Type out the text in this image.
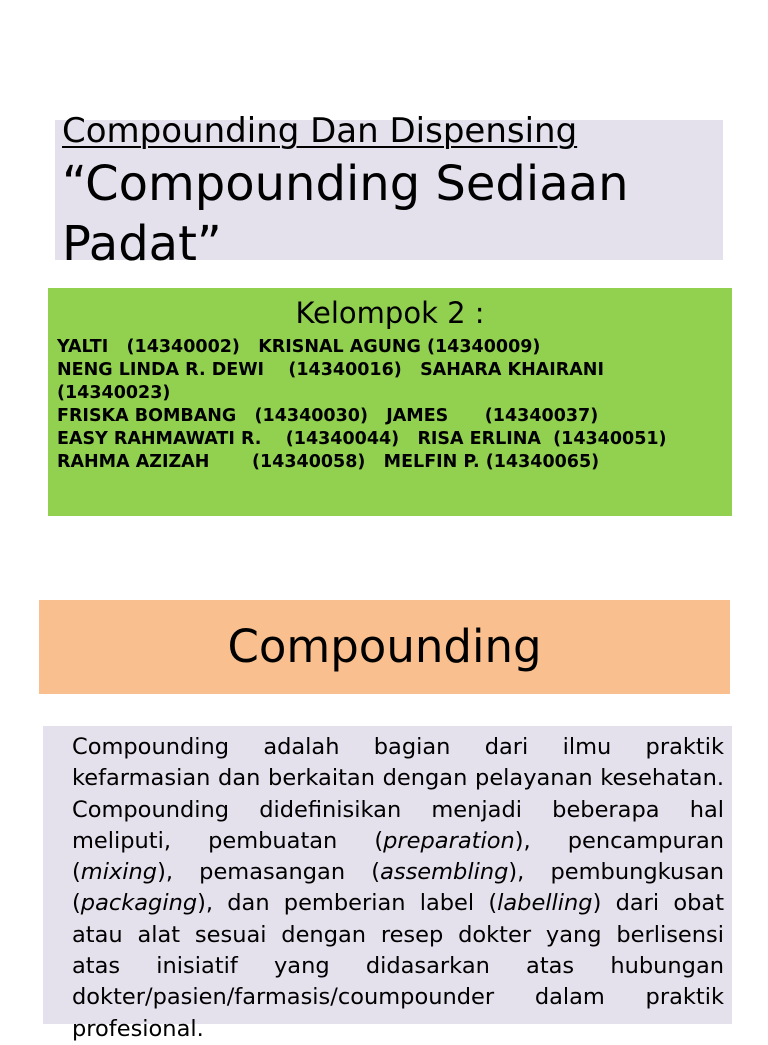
Compounding Dan Dispensing
“Compounding Sediaan Padat”
Kelompok 2 :
YALTI   (14340002)   KRISNAL AGUNG (14340009)
NENG LINDA R. DEWI    (14340016)   SAHARA KHAIRANI
(14340023)
FRISKA BOMBANG   (14340030)   JAMES      (14340037)
EASY RAHMAWATI R.    (14340044)   RISA ERLINA  (14340051)
RAHMA AZIZAH       (14340058)   MELFIN P. (14340065)
Compounding
Compounding adalah bagian dari ilmu praktik kefarmasian dan berkaitan dengan pelayanan kesehatan. Compounding didefinisikan menjadi beberapa hal meliputi, pembuatan (preparation), pencampuran (mixing), pemasangan (assembling), pembungkusan (packaging), dan pemberian label (labelling) dari obat atau alat sesuai dengan resep dokter yang berlisensi atas inisiatif yang didasarkan atas hubungan dokter/pasien/farmasis/coumpounder dalam praktik profesional.
